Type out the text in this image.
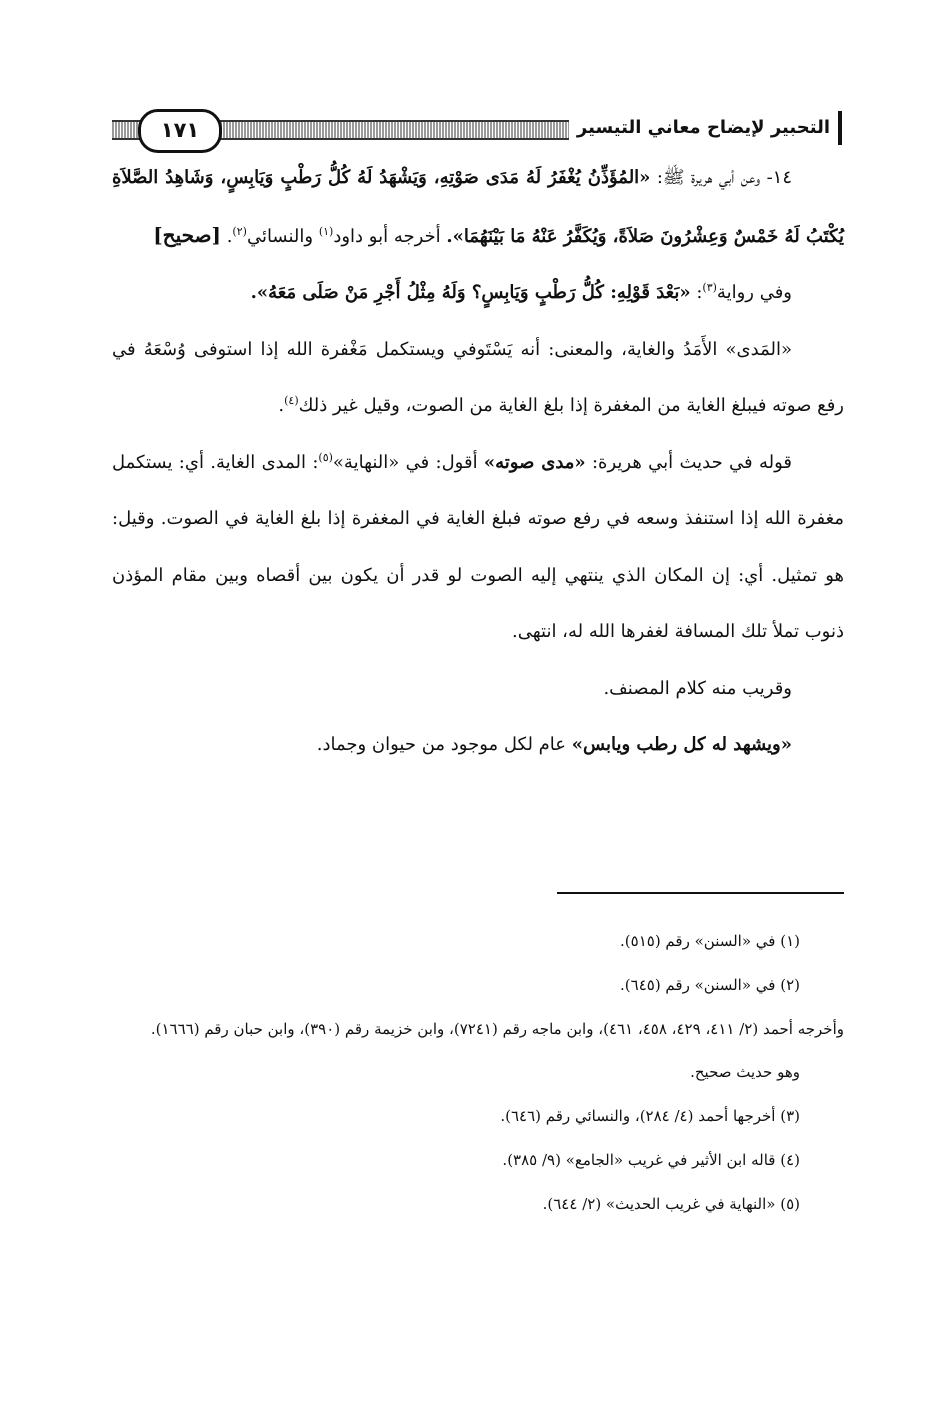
١٧١	التحبير لإيضاح معاني التيسير

١٤- وعن أبي هريرة ﷺ: «المُؤَذِّنُ يُغْفَرُ لَهُ مَدَى صَوْتِهِ، وَيَشْهَدُ لَهُ كُلُّ رَطْبٍ وَيَابِسٍ، وَشَاهِدُ الصَّلاَةِ يُكْتَبُ لَهُ خَمْسٌ وَعِشْرُونَ صَلاَةً، وَيُكَفَّرُ عَنْهُ مَا بَيْنَهُمَا». أخرجه أبو داود$^{(١)}$ والنسائي$^{(٢)}$. [صحيح]

وفي رواية$^{(٣)}$: «بَعْدَ قَوْلِهِ: كُلُّ رَطْبٍ وَيَابِسٍ؟ وَلَهُ مِثْلُ أَجْرِ مَنْ صَلَى مَعَهُ».

«المَدى» الأَمَدُ والغاية، والمعنى: أنه يَسْتَوفي ويستكمل مَغْفرة الله إذا استوفى وُسْعَهُ في رفع صوته فيبلغ الغاية من المغفرة إذا بلغ الغاية من الصوت، وقيل غير ذلك$^{(٤)}$.

قوله في حديث أبي هريرة: «مدى صوته» أقول: في «النهاية»$^{(٥)}$: المدى الغاية. أي: يستكمل مغفرة الله إذا استنفذ وسعه في رفع صوته فبلغ الغاية في المغفرة إذا بلغ الغاية في الصوت. وقيل: هو تمثيل. أي: إن المكان الذي ينتهي إليه الصوت لو قدر أن يكون بين أقصاه وبين مقام المؤذن ذنوب تملأ تلك المسافة لغفرها الله له، انتهى.

وقريب منه كلام المصنف.

«ويشهد له كل رطب ويابس» عام لكل موجود من حيوان وجماد.

(١) في «السنن» رقم (٥١٥).

(٢) في «السنن» رقم (٦٤٥).

وأخرجه أحمد (٢/ ٤١١، ٤٢٩، ٤٥٨، ٤٦١)، وابن ماجه رقم (٧٢٤١)، وابن خزيمة رقم (٣٩٠)، وابن حبان رقم (١٦٦٦).

وهو حديث صحيح.

(٣) أخرجها أحمد (٤/ ٢٨٤)، والنسائي رقم (٦٤٦).

(٤) قاله ابن الأثير في غريب «الجامع» (٩/ ٣٨٥).

(٥) «النهاية في غريب الحديث» (٢/ ٦٤٤).
